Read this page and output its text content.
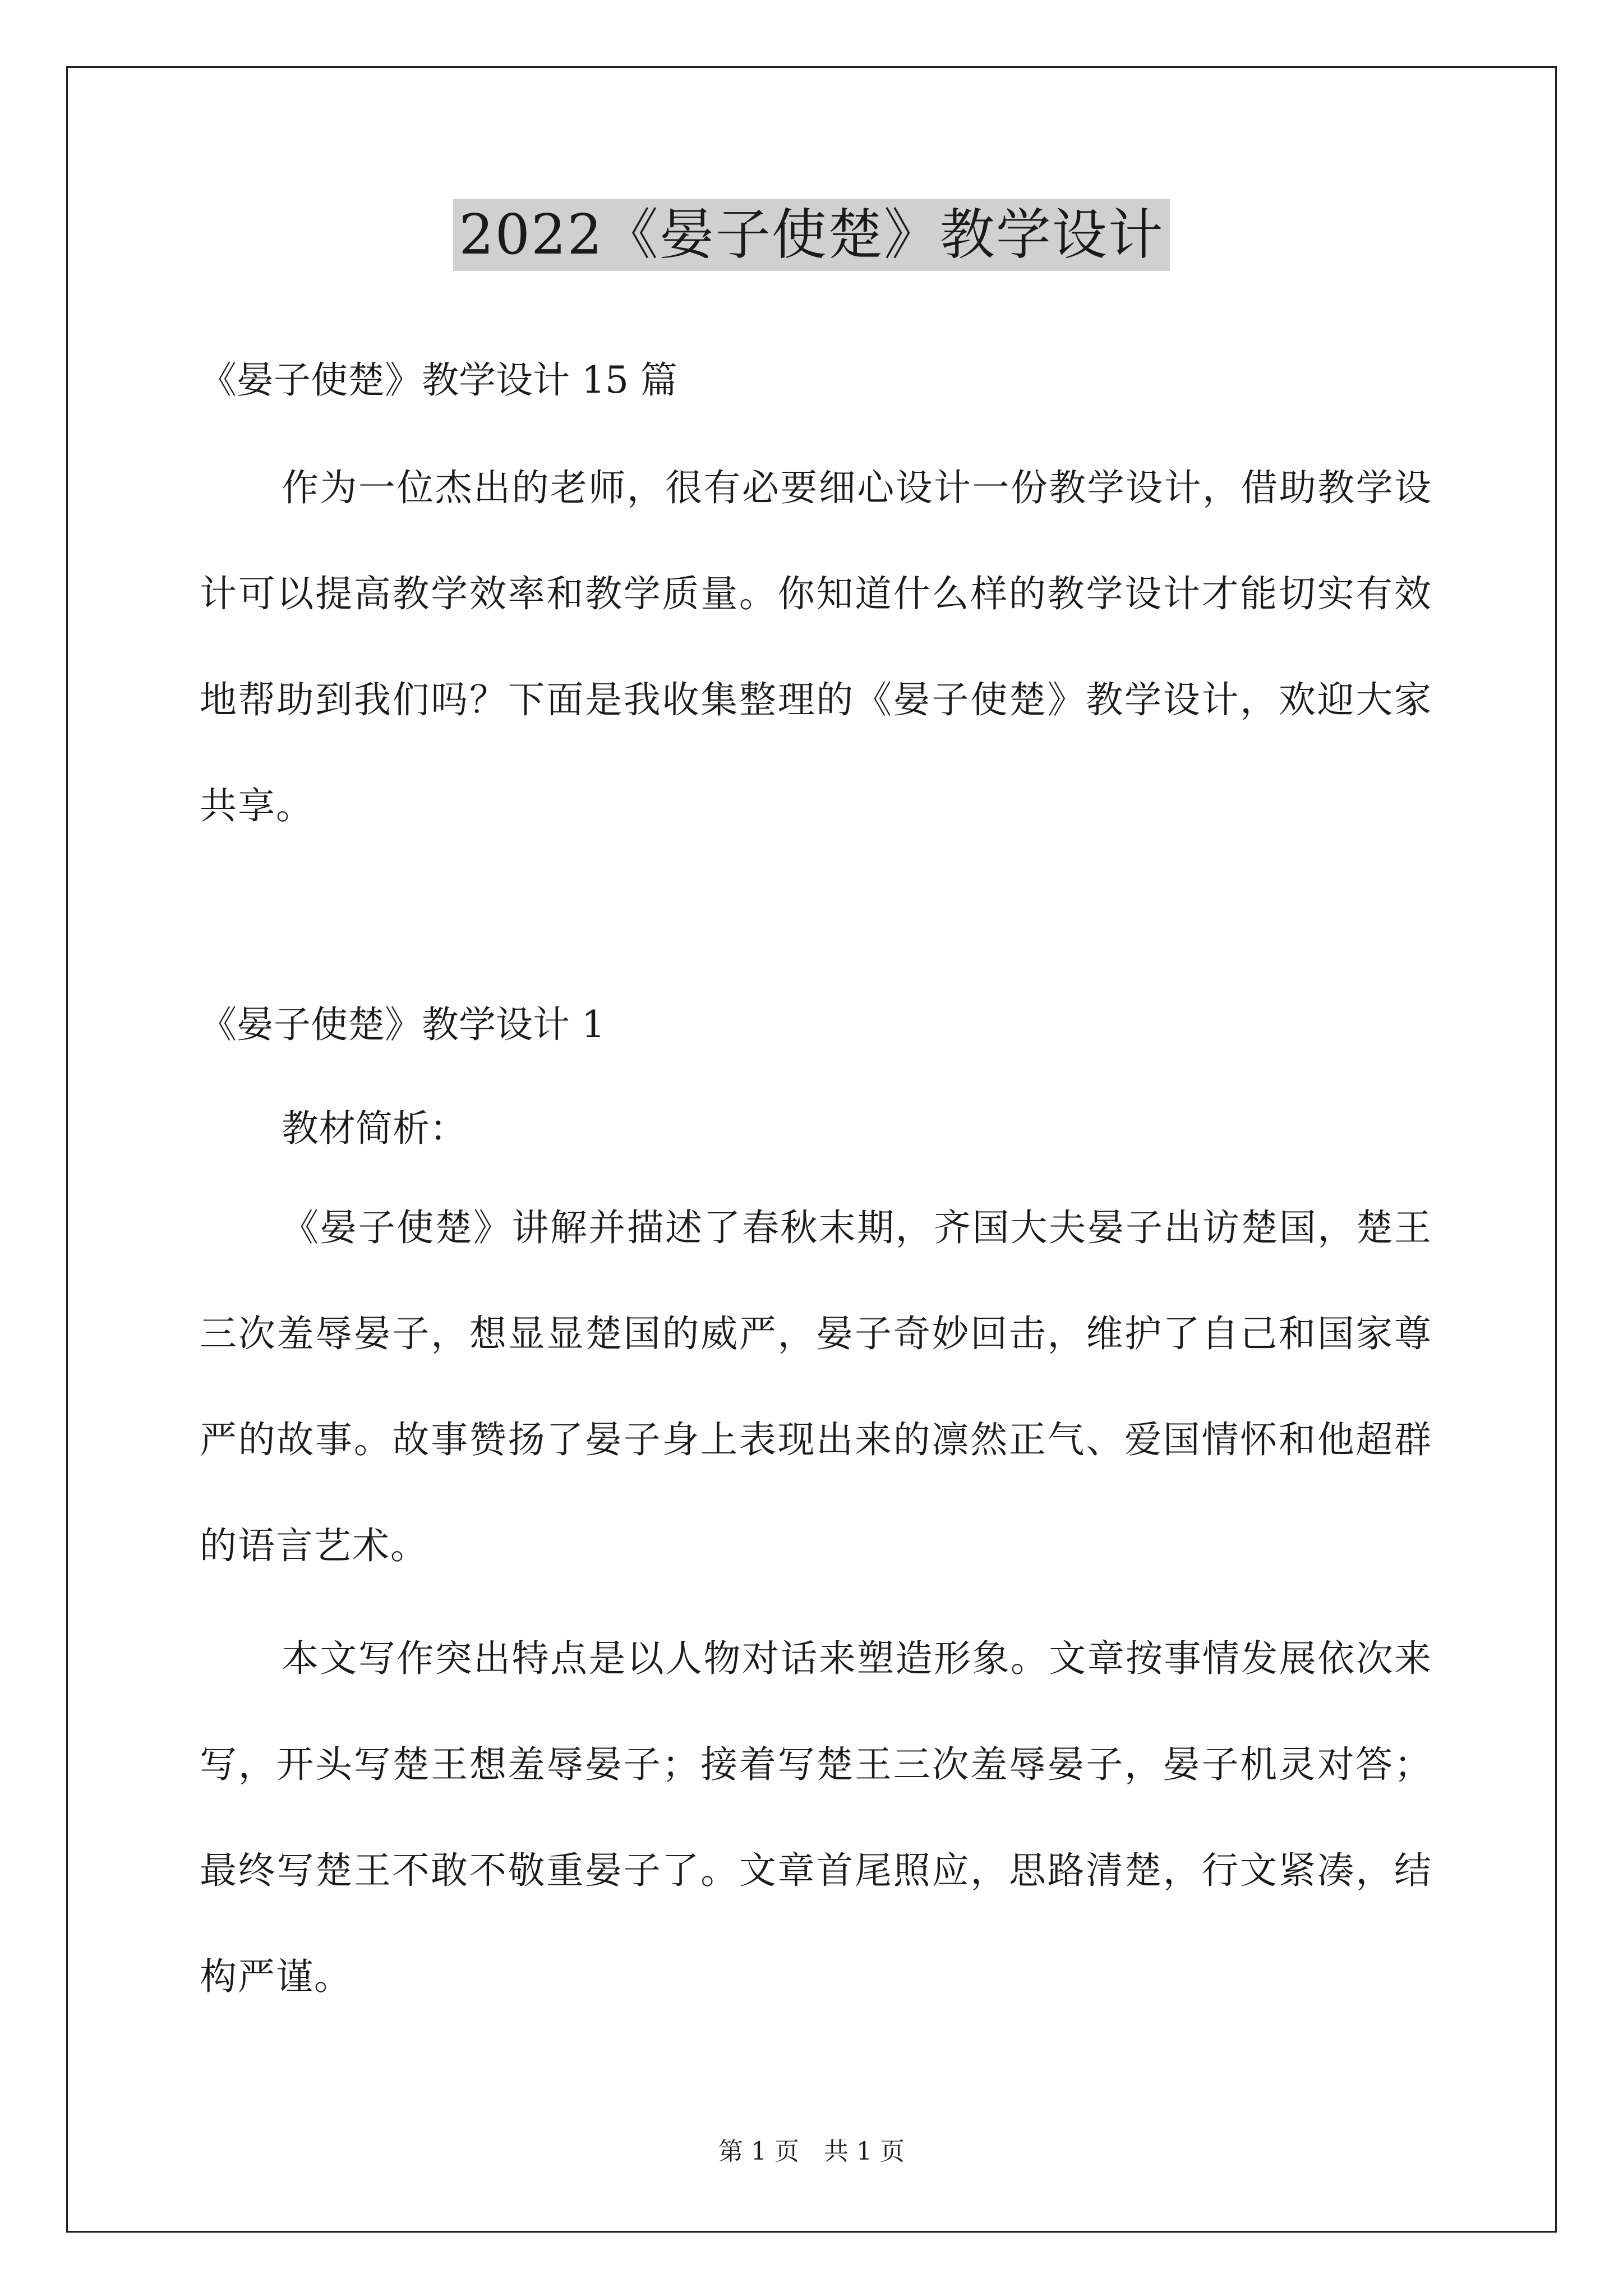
2022《晏子使楚》教学设计
《晏子使楚》教学设计 15 篇
作为一位杰出的老师，很有必要细心设计一份教学设计，借助教学设计可以提高教学效率和教学质量。你知道什么样的教学设计才能切实有效地帮助到我们吗？下面是我收集整理的《晏子使楚》教学设计，欢迎大家共享。
《晏子使楚》教学设计 1
教材简析：
《晏子使楚》讲解并描述了春秋末期，齐国大夫晏子出访楚国，楚王三次羞辱晏子，想显显楚国的威严，晏子奇妙回击，维护了自己和国家尊严的故事。故事赞扬了晏子身上表现出来的凛然正气、爱国情怀和他超群的语言艺术。
本文写作突出特点是以人物对话来塑造形象。文章按事情发展依次来写，开头写楚王想羞辱晏子；接着写楚王三次羞辱晏子，晏子机灵对答；最终写楚王不敢不敬重晏子了。文章首尾照应，思路清楚，行文紧凑，结构严谨。
第 1 页　共 1 页
